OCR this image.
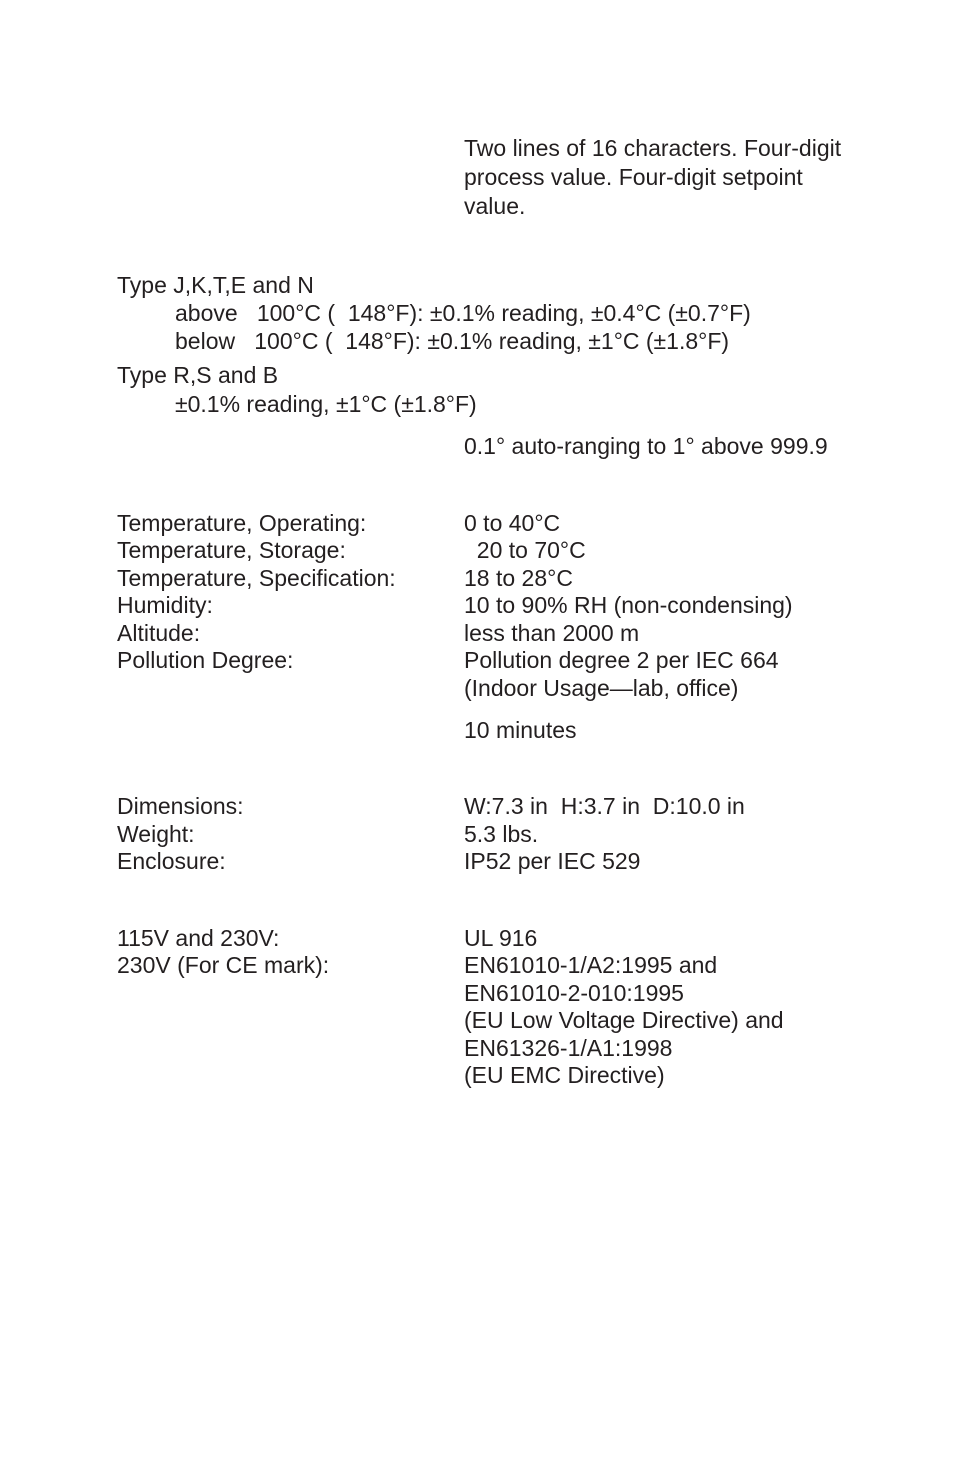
Two lines of 16 characters. Four-digit
process value. Four-digit setpoint
value.
Type J,K,T,E and N
above   100°C (  148°F): ±0.1% reading, ±0.4°C (±0.7°F)
below   100°C (  148°F): ±0.1% reading, ±1°C (±1.8°F)
Type R,S and B
±0.1% reading, ±1°C (±1.8°F)
0.1° auto-ranging to 1° above 999.9
Temperature, Operating:	0 to 40°C
Temperature, Storage:	20 to 70°C
Temperature, Specification:	18 to 28°C
Humidity:	10 to 90% RH (non-condensing)
Altitude:	less than 2000 m
Pollution Degree:	Pollution degree 2 per IEC 664
(Indoor Usage—lab, office)
10 minutes
Dimensions:	W:7.3 in  H:3.7 in  D:10.0 in
Weight:	5.3 lbs.
Enclosure:	IP52 per IEC 529
115V and 230V:	UL 916
230V (For CE mark):	EN61010-1/A2:1995 and
EN61010-2-010:1995
(EU Low Voltage Directive) and
EN61326-1/A1:1998
(EU EMC Directive)
